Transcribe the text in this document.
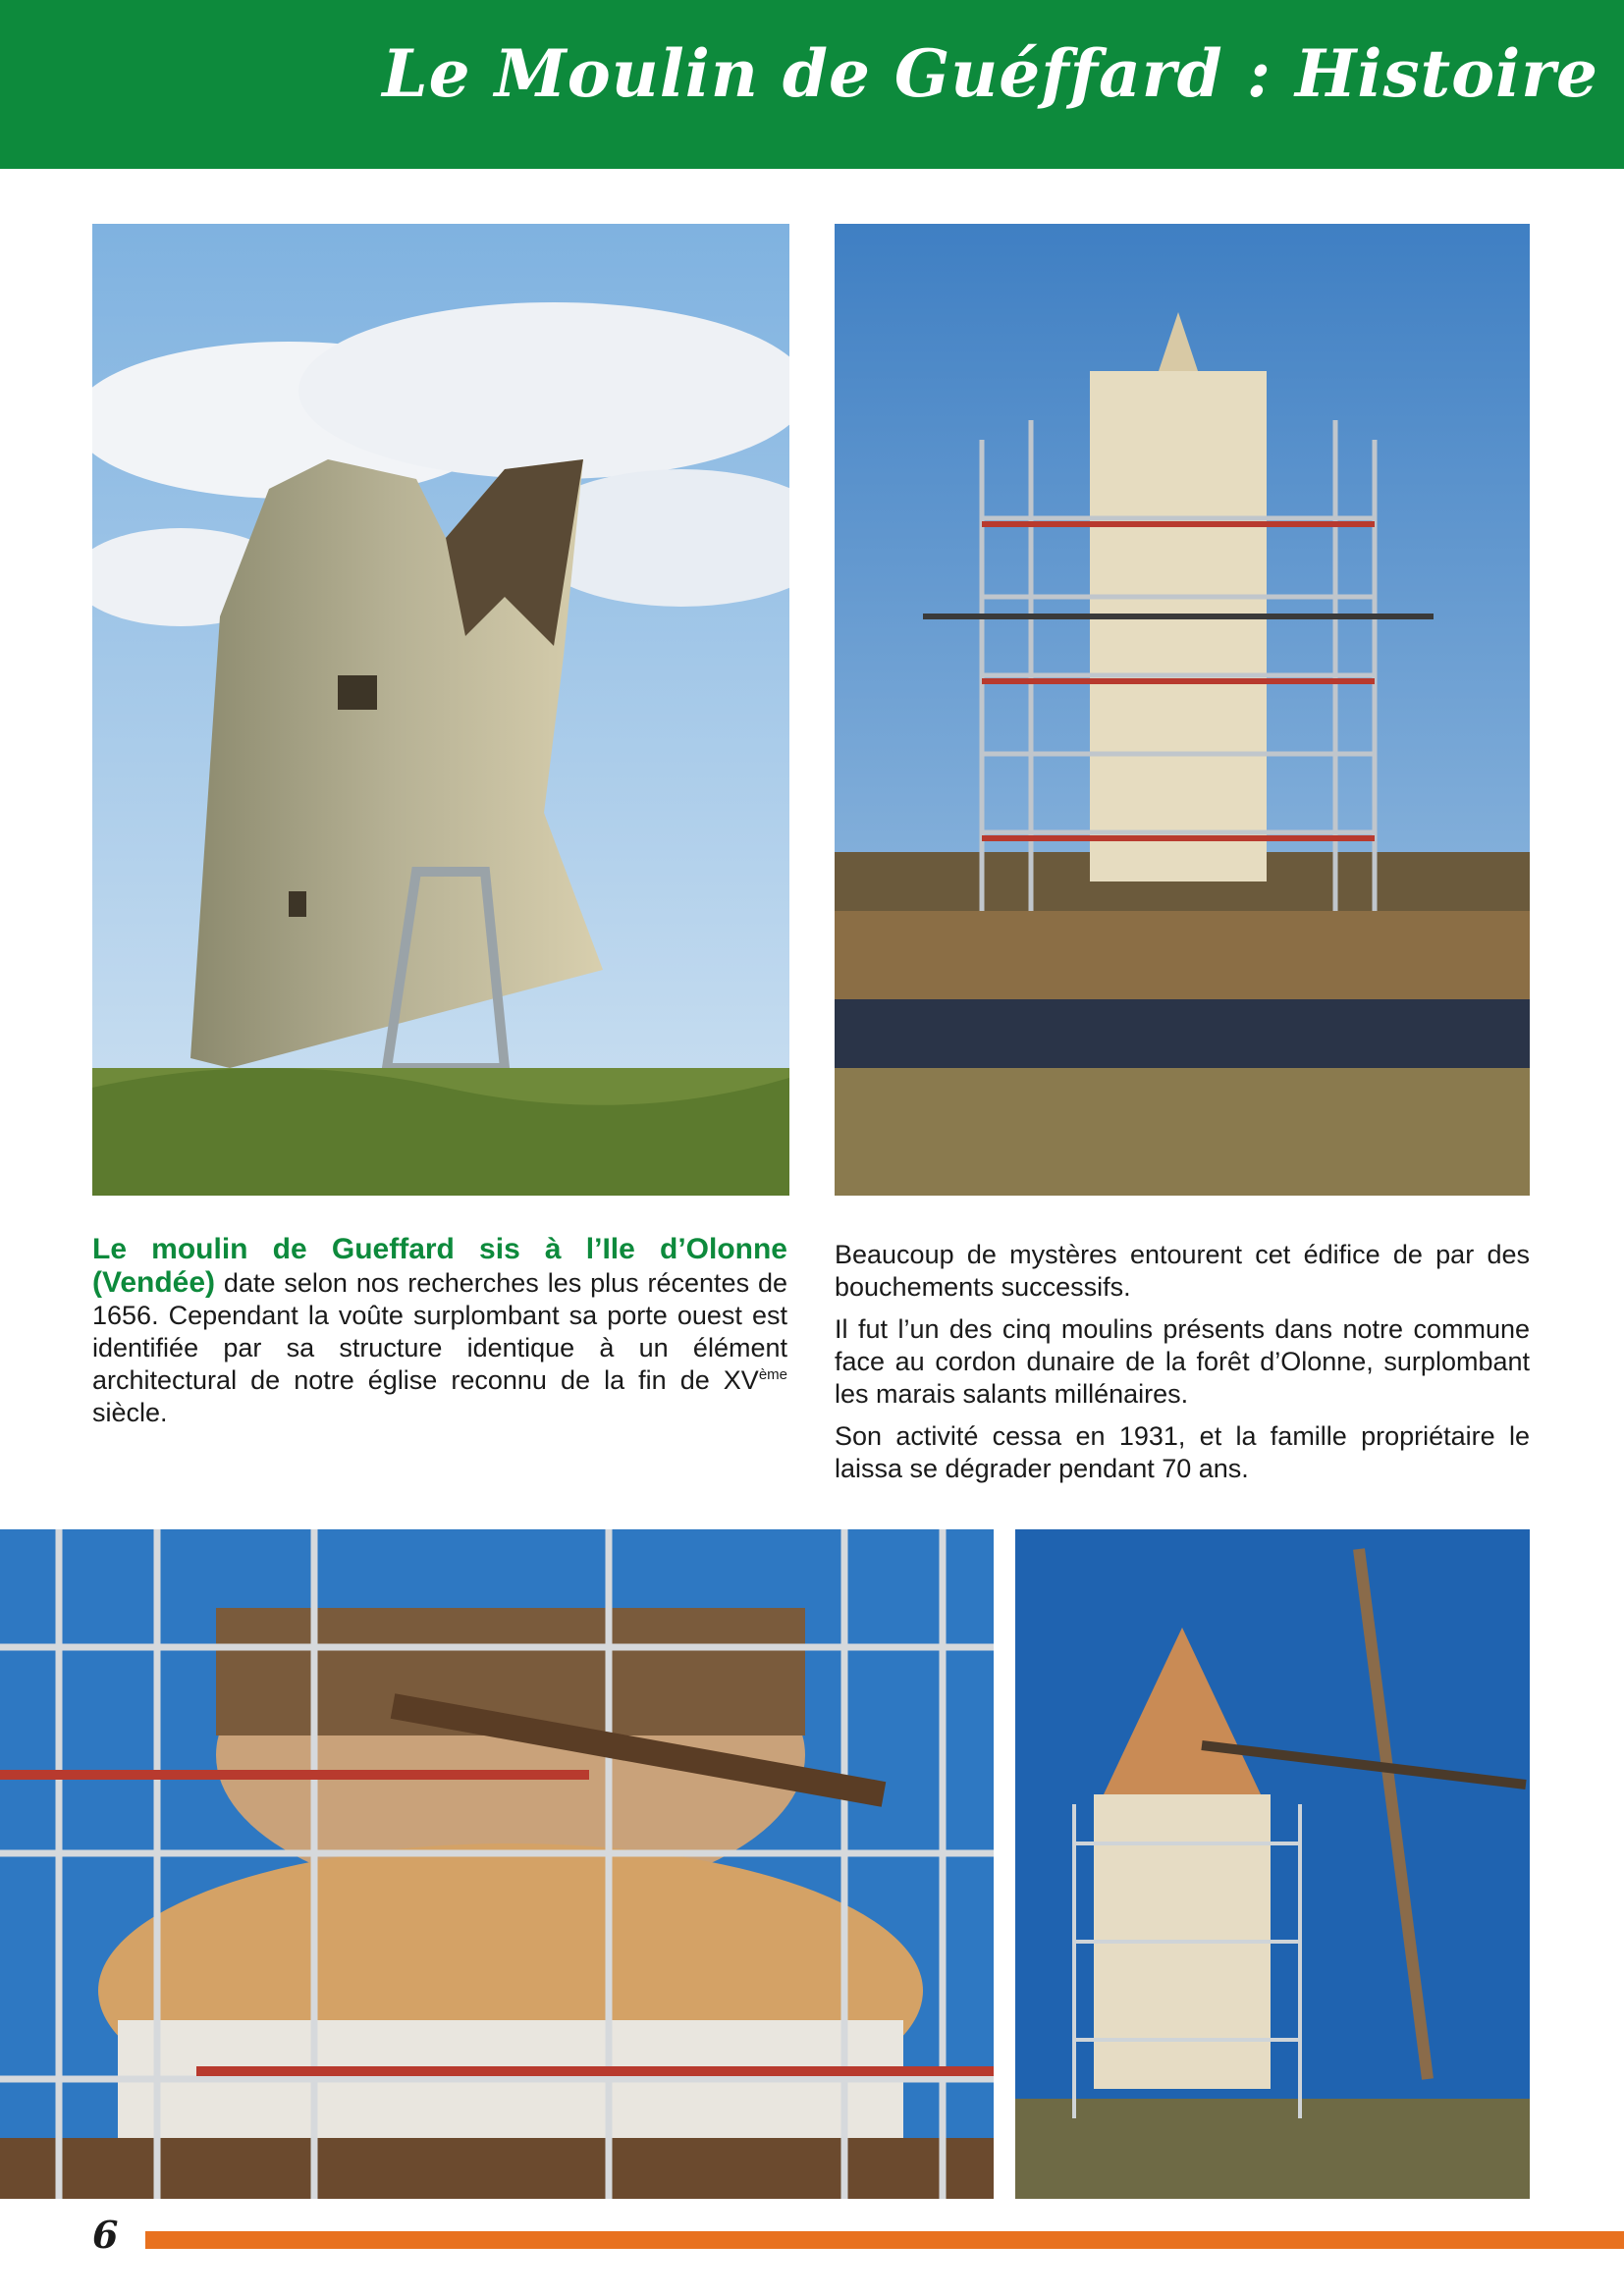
Le Moulin de Guéffard : Histoire

Le moulin de Gueffard sis à l’Ile d’Olonne (Vendée) date selon nos recherches les plus récentes de 1656. Cependant la voûte surplombant sa porte ouest est identifiée par sa structure identique à un élément architectural de notre église reconnu de la fin de XVème siècle.

Beaucoup de mystères entourent cet édifice de par des bouchements successifs.

Il fut l’un des cinq moulins présents dans notre commune face au cordon dunaire de la forêt d’Olonne, surplombant les marais salants millénaires.

Son activité cessa en 1931, et la famille propriétaire le laissa se dégrader pendant 70 ans.

6
